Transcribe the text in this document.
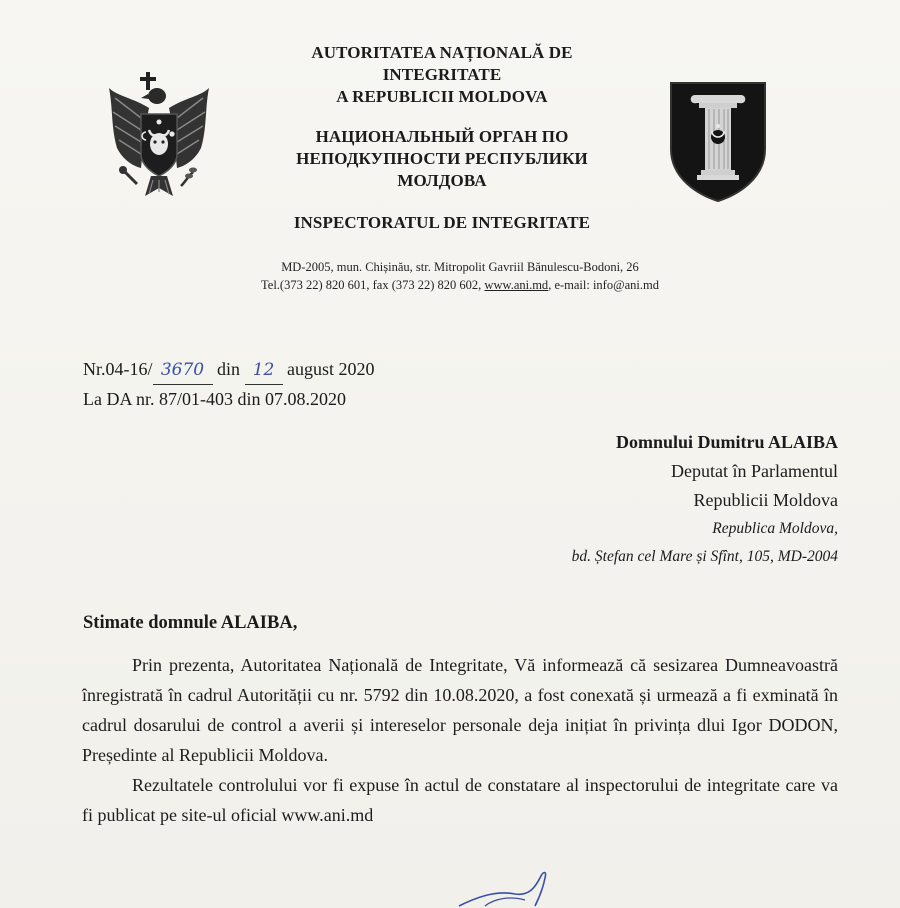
AUTORITATEA NAȚIONALĂ DE
INTEGRITATE
A REPUBLICII MOLDOVA
НАЦИОНАЛЬНЫЙ ОРГАН ПО
НЕПОДКУПНОСТИ РЕСПУБЛИКИ
МОЛДОВА
INSPECTORATUL DE INTEGRITATE
MD-2005, mun. Chișinău, str. Mitropolit Gavriil Bănulescu-Bodoni, 26
Tel.(373 22) 820 601, fax (373 22) 820 602, www.ani.md, e-mail: info@ani.md
Nr.04-16/ 3670 din 12 august 2020
La DA nr. 87/01-403 din 07.08.2020
Domnului Dumitru ALAIBA
Deputat în Parlamentul
Republicii Moldova
Republica Moldova,
bd. Ștefan cel Mare și Sfînt, 105, MD-2004
Stimate domnule ALAIBA,

Prin prezenta, Autoritatea Națională de Integritate, Vă informează că sesizarea Dumneavoastră înregistrată în cadrul Autorității cu nr. 5792 din 10.08.2020, a fost conexată și urmează a fi exminată în cadrul dosarului de control a averii și intereselor personale deja inițiat în privința dlui Igor DODON, Președinte al Republicii Moldova.

Rezultatele controlului vor fi expuse în actul de constatare al inspectorului de integritate care va fi publicat pe site-ul oficial www.ani.md
